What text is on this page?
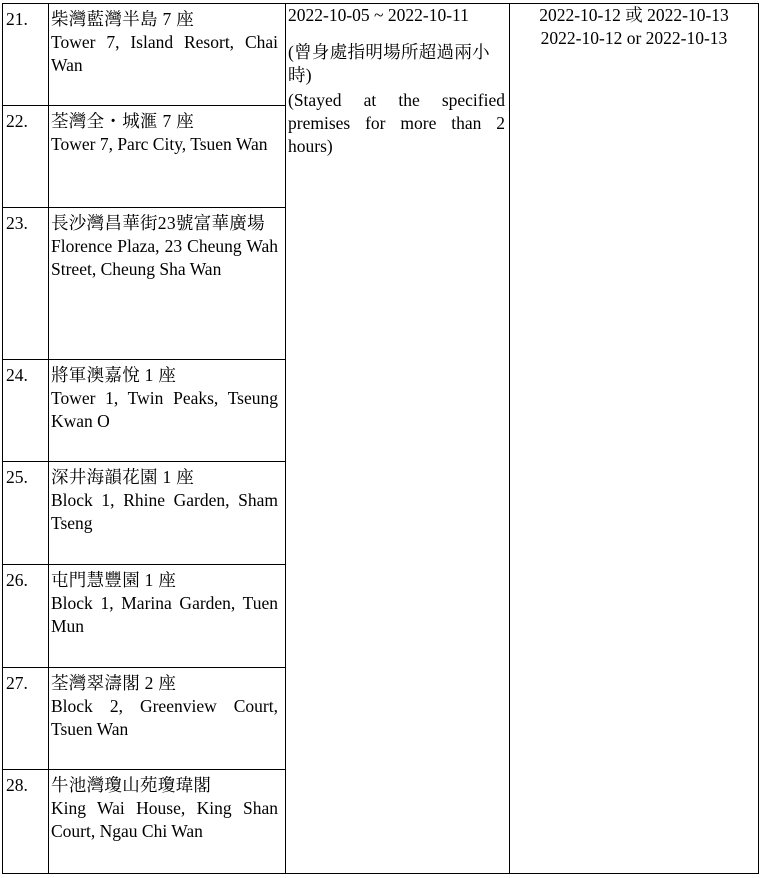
2022-10-05 ~ 2022-10-11
(曾身處指明場所超過兩小時)
(Stayed at the specified premises for more than 2 hours)
2022-10-12 或 2022-10-13
2022-10-12 or 2022-10-13
21. 柴灣藍灣半島 7 座
Tower 7, Island Resort, Chai Wan
22. 荃灣全・城滙 7 座
Tower 7, Parc City, Tsuen Wan
23. 長沙灣昌華街23號富華廣場
Florence Plaza, 23 Cheung Wah Street, Cheung Sha Wan
24. 將軍澳嘉悅 1 座
Tower 1, Twin Peaks, Tseung Kwan O
25. 深井海韻花園 1 座
Block 1, Rhine Garden, Sham Tseng
26. 屯門慧豐園 1 座
Block 1, Marina Garden, Tuen Mun
27. 荃灣翠濤閣 2 座
Block 2, Greenview Court, Tsuen Wan
28. 牛池灣瓊山苑瓊瑋閣
King Wai House, King Shan Court, Ngau Chi Wan
